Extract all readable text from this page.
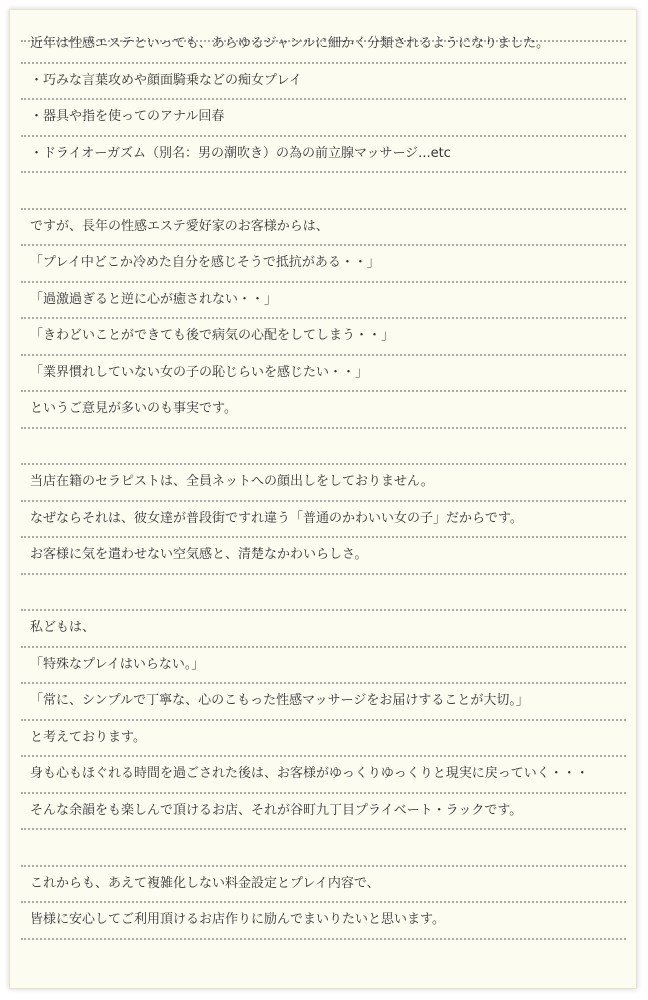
近年は性感エステといっても、あらゆるジャンルに細かく分類されるようになりました。
・巧みな言葉攻めや顔面騎乗などの痴女プレイ
・器具や指を使ってのアナル回春
・ドライオーガズム（別名：男の潮吹き）の為の前立腺マッサージ...etc
ですが、長年の性感エステ愛好家のお客様からは、
「プレイ中どこか冷めた自分を感じそうで抵抗がある・・」
「過激過ぎると逆に心が癒されない・・」
「きわどいことができても後で病気の心配をしてしまう・・」
「業界慣れしていない女の子の恥じらいを感じたい・・」
というご意見が多いのも事実です。
当店在籍のセラピストは、全員ネットへの顔出しをしておりません。
なぜならそれは、彼女達が普段街ですれ違う「普通のかわいい女の子」だからです。
お客様に気を遣わせない空気感と、清楚なかわいらしさ。
私どもは、
「特殊なプレイはいらない。」
「常に、シンプルで丁寧な、心のこもった性感マッサージをお届けすることが大切。」
と考えております。
身も心もほぐれる時間を過ごされた後は、お客様がゆっくりゆっくりと現実に戻っていく・・・
そんな余韻をも楽しんで頂けるお店、それが谷町九丁目プライベート・ラックです。
これからも、あえて複雑化しない料金設定とプレイ内容で、
皆様に安心してご利用頂けるお店作りに励んでまいりたいと思います。
